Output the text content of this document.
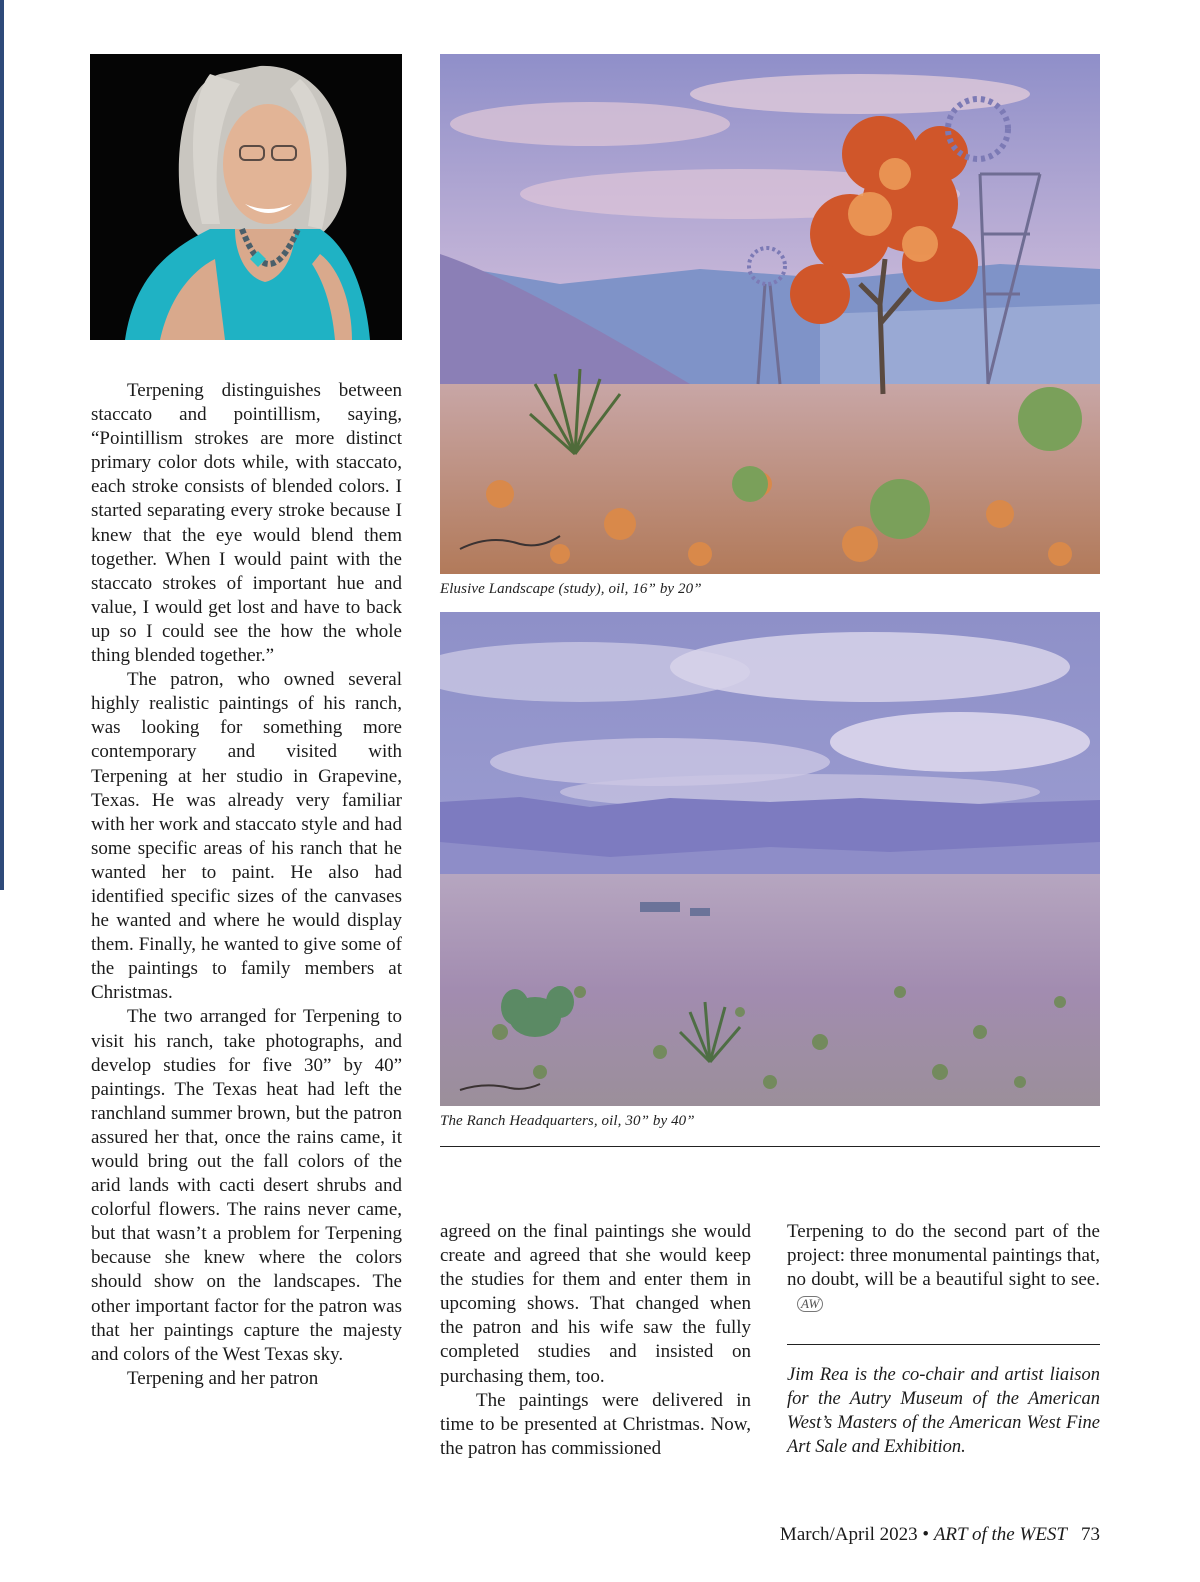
Elusive Landscape (study), oil, 16” by 20”
The Ranch Headquarters, oil, 30” by 40”

Terpening distinguishes between staccato and pointillism, saying, “Pointillism strokes are more distinct primary color dots while, with staccato, each stroke consists of blended colors. I started separating every stroke because I knew that the eye would blend them together. When I would paint with the staccato strokes of important hue and value, I would get lost and have to back up so I could see the how the whole thing blended together.”

The patron, who owned several highly realistic paintings of his ranch, was looking for something more contemporary and visited with Terpening at her studio in Grapevine, Texas. He was already very familiar with her work and staccato style and had some specific areas of his ranch that he wanted her to paint. He also had identified specific sizes of the canvases he wanted and where he would display them. Finally, he wanted to give some of the paintings to family members at Christmas.

The two arranged for Terpening to visit his ranch, take photographs, and develop studies for five 30” by 40” paintings. The Texas heat had left the ranchland summer brown, but the patron assured her that, once the rains came, it would bring out the fall colors of the arid lands with cacti desert shrubs and colorful flowers. The rains never came, but that wasn’t a problem for Terpening because she knew where the colors should show on the landscapes. The other important factor for the patron was that her paintings capture the majesty and colors of the West Texas sky.

Terpening and her patron

agreed on the final paintings she would create and agreed that she would keep the studies for them and enter them in upcoming shows. That changed when the patron and his wife saw the fully completed studies and insisted on purchasing them, too.

The paintings were delivered in time to be presented at Christmas. Now, the patron has commissioned

Terpening to do the second part of the project: three monumental paintings that, no doubt, will be a beautiful sight to see.AW

Jim Rea is the co-chair and artist liaison for the Autry Museum of the American West’s Masters of the American West Fine Art Sale and Exhibition.
March/April 2023 • ART of the WEST 73
